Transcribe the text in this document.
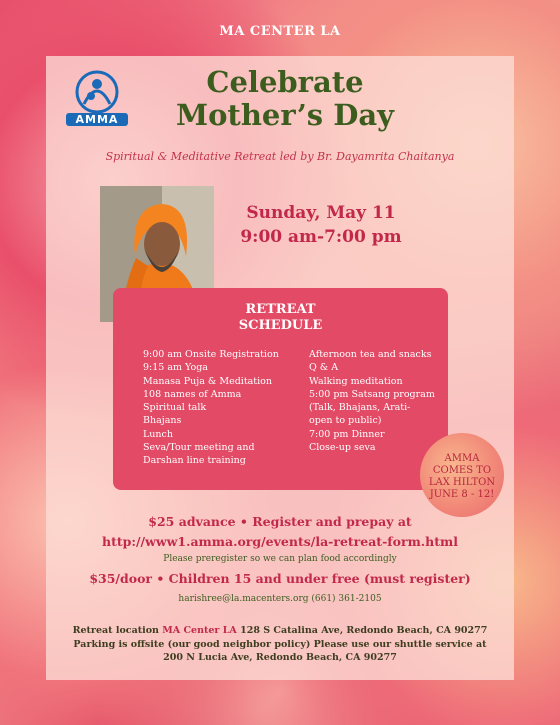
MA CENTER LA
AMMA
Celebrate
Mother’s Day
Spiritual & Meditative Retreat led by Br. Dayamrita Chaitanya
Sunday, May 11
9:00 am-7:00 pm
RETREAT
SCHEDULE
9:00 am Onsite Registration
9:15 am Yoga
Manasa Puja & Meditation
108 names of Amma
Spiritual talk
Bhajans
Lunch
Seva/Tour meeting and
Darshan line training
Afternoon tea and snacks
Q & A
Walking meditation
5:00 pm Satsang program
(Talk, Bhajans, Arati-
open to public)
7:00 pm Dinner
Close-up seva
AMMA
COMES TO
LAX HILTON
JUNE 8 - 12!
$25 advance • Register and prepay at
http://www1.amma.org/events/la-retreat-form.html
Please preregister so we can plan food accordingly
$35/door • Children 15 and under free (must register)
harishree@la.macenters.org (661) 361-2105
Retreat location MA Center LA 128 S Catalina Ave, Redondo Beach, CA 90277
Parking is offsite (our good neighbor policy) Please use our shuttle service at
200 N Lucia Ave, Redondo Beach, CA 90277
